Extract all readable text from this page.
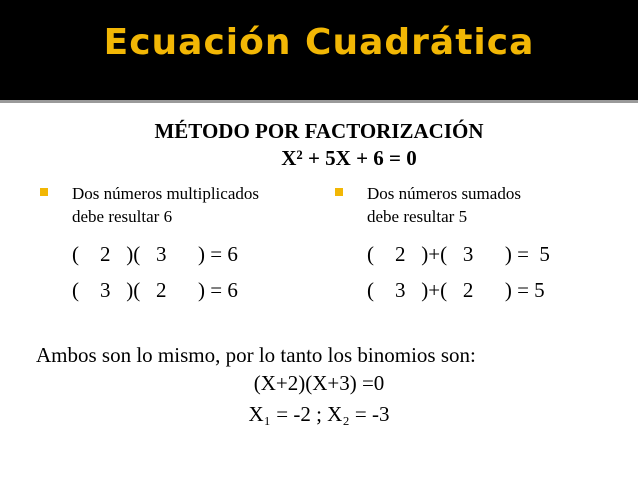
Ecuación Cuadrática
MÉTODO POR FACTORIZACIÓN
X² + 5X + 6 = 0
Dos números multiplicados
debe resultar 6
(    2   )(   3      ) = 6
(    3   )(   2      ) = 6
Dos números sumados
debe resultar 5
(    2   )+(   3      ) =  5
(    3   )+(   2      ) = 5
Ambos son lo mismo, por lo tanto los binomios son:
(X+2)(X+3) =0
X₁ = -2 ; X₂ = -3
